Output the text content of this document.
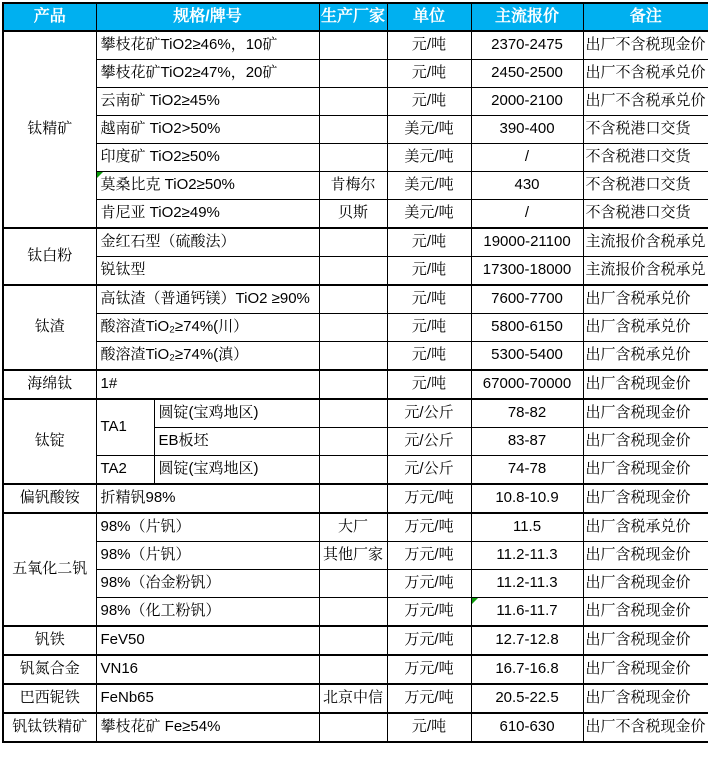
产品	规格/牌号		生产厂家	单位	主流报价	备注
钛精矿	攀枝花矿TiO2≥46%，10矿			元/吨	2370-2475	出厂不含税现金价
	攀枝花矿TiO2≥47%，20矿			元/吨	2450-2500	出厂不含税承兑价
	云南矿 TiO2≥45%			元/吨	2000-2100	出厂不含税承兑价
	越南矿 TiO2>50%			美元/吨	390-400	不含税港口交货
	印度矿 TiO2≥50%			美元/吨	/	不含税港口交货
	莫桑比克 TiO2≥50%		肯梅尔	美元/吨	430	不含税港口交货
	肯尼亚 TiO2≥49%		贝斯	美元/吨	/	不含税港口交货
钛白粉	金红石型（硫酸法）			元/吨	19000-21100	主流报价含税承兑
	锐钛型			元/吨	17300-18000	主流报价含税承兑
钛渣	高钛渣（普通钙镁）TiO2 ≥90%			元/吨	7600-7700	出厂含税承兑价
	酸溶渣TiO₂≥74%(川）			元/吨	5800-6150	出厂含税承兑价
	酸溶渣TiO₂≥74%(滇）			元/吨	5300-5400	出厂含税承兑价
海绵钛	1#			元/吨	67000-70000	出厂含税现金价
钛锭	TA1	圆锭(宝鸡地区)		元/公斤	78-82	出厂含税现金价
		EB板坯		元/公斤	83-87	出厂含税现金价
	TA2	圆锭(宝鸡地区)		元/公斤	74-78	出厂含税现金价
偏钒酸铵	折精钒98%			万元/吨	10.8-10.9	出厂含税现金价
五氧化二钒	98%（片钒）		大厂	万元/吨	11.5	出厂含税承兑价
	98%（片钒）		其他厂家	万元/吨	11.2-11.3	出厂含税现金价
	98%（冶金粉钒）			万元/吨	11.2-11.3	出厂含税现金价
	98%（化工粉钒）			万元/吨	11.6-11.7	出厂含税现金价
钒铁	FeV50			万元/吨	12.7-12.8	出厂含税现金价
钒氮合金	VN16			万元/吨	16.7-16.8	出厂含税现金价
巴西铌铁	FeNb65		北京中信	万元/吨	20.5-22.5	出厂含税现金价
钒钛铁精矿	攀枝花矿 Fe≥54%			元/吨	610-630	出厂不含税现金价
